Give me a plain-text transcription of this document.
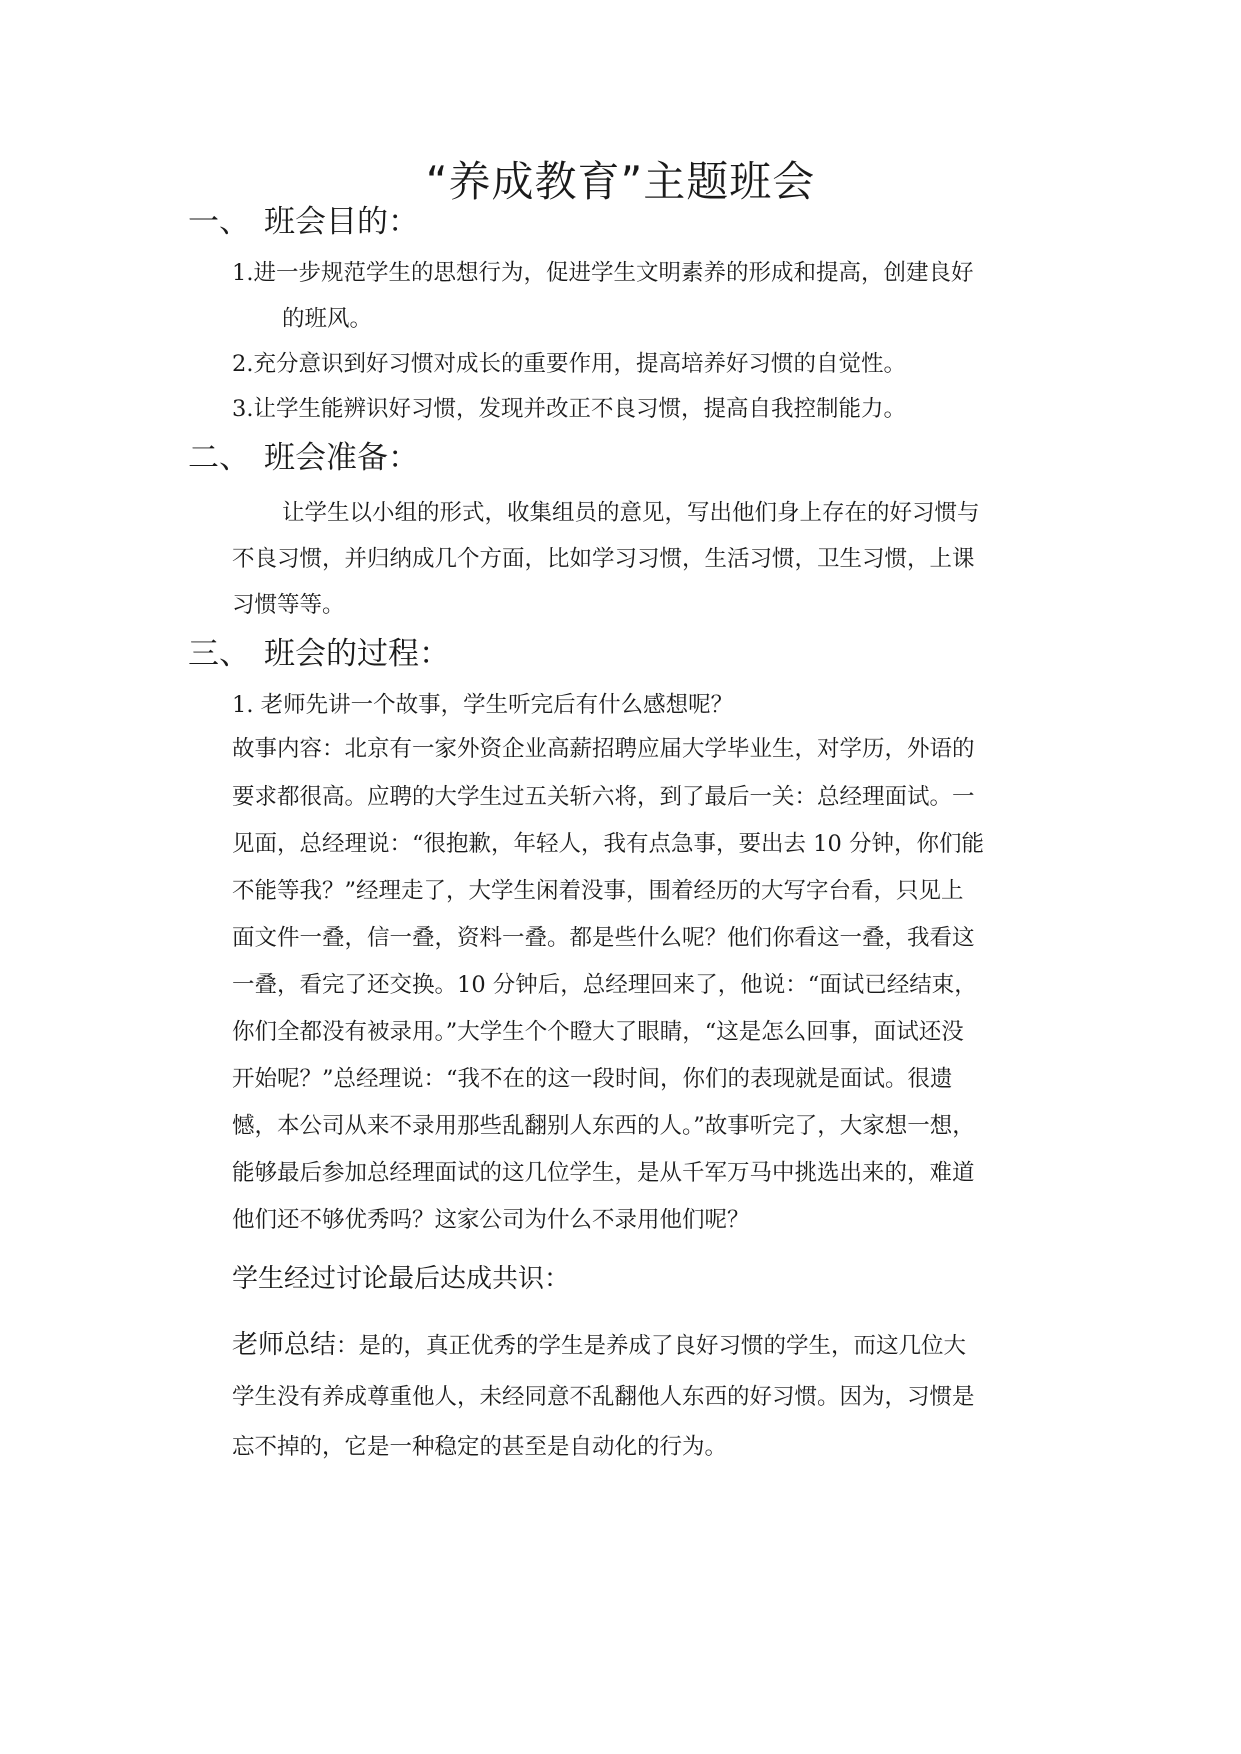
“养成教育”主题班会
一、 班会目的：
1.进一步规范学生的思想行为，促进学生文明素养的形成和提高，创建良好
的班风。
2.充分意识到好习惯对成长的重要作用，提高培养好习惯的自觉性。
3.让学生能辨识好习惯，发现并改正不良习惯，提高自我控制能力。
二、 班会准备：
让学生以小组的形式，收集组员的意见，写出他们身上存在的好习惯与
不良习惯，并归纳成几个方面，比如学习习惯，生活习惯，卫生习惯，上课
习惯等等。
三、 班会的过程：
1. 老师先讲一个故事，学生听完后有什么感想呢？
故事内容：北京有一家外资企业高薪招聘应届大学毕业生，对学历，外语的
要求都很高。应聘的大学生过五关斩六将，到了最后一关：总经理面试。一
见面，总经理说：“很抱歉，年轻人，我有点急事，要出去 10 分钟，你们能
不能等我？”经理走了，大学生闲着没事，围着经历的大写字台看，只见上
面文件一叠，信一叠，资料一叠。都是些什么呢？他们你看这一叠，我看这
一叠，看完了还交换。10 分钟后，总经理回来了，他说：“面试已经结束，
你们全都没有被录用。”大学生个个瞪大了眼睛，“这是怎么回事，面试还没
开始呢？”总经理说：“我不在的这一段时间，你们的表现就是面试。很遗
憾，本公司从来不录用那些乱翻别人东西的人。”故事听完了，大家想一想，
能够最后参加总经理面试的这几位学生，是从千军万马中挑选出来的，难道
他们还不够优秀吗？这家公司为什么不录用他们呢？
学生经过讨论最后达成共识：
老师总结：是的，真正优秀的学生是养成了良好习惯的学生，而这几位大
学生没有养成尊重他人，未经同意不乱翻他人东西的好习惯。因为，习惯是
忘不掉的，它是一种稳定的甚至是自动化的行为。
